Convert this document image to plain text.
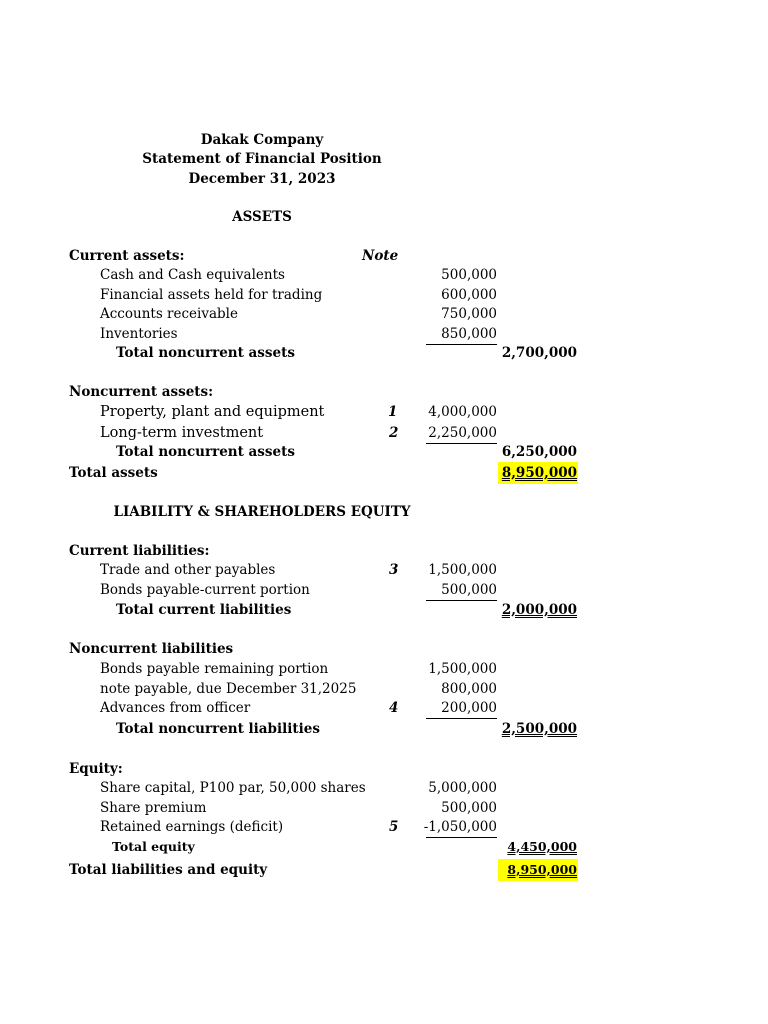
Dakak Company
Statement of Financial Position
December 31, 2023
ASSETS
Current assets:	Note
Cash and Cash equivalents	500,000
Financial assets held for trading	600,000
Accounts receivable	750,000
Inventories	850,000
Total noncurrent assets	2,700,000
Noncurrent assets:
Property, plant and equipment	1	4,000,000
Long-term investment	2	2,250,000
Total noncurrent assets	6,250,000
Total assets	8,950,000
LIABILITY & SHAREHOLDERS EQUITY
Current liabilities:
Trade and other payables	3	1,500,000
Bonds payable-current portion	500,000
Total current liabilities	2,000,000
Noncurrent liabilities
Bonds payable remaining portion	1,500,000
note payable, due December 31,2025	800,000
Advances from officer	4	200,000
Total noncurrent liabilities	2,500,000
Equity:
Share capital, P100 par, 50,000 shares	5,000,000
Share premium	500,000
Retained earnings (deficit)	5	-1,050,000
Total equity	4,450,000
Total liabilities and equity	8,950,000
